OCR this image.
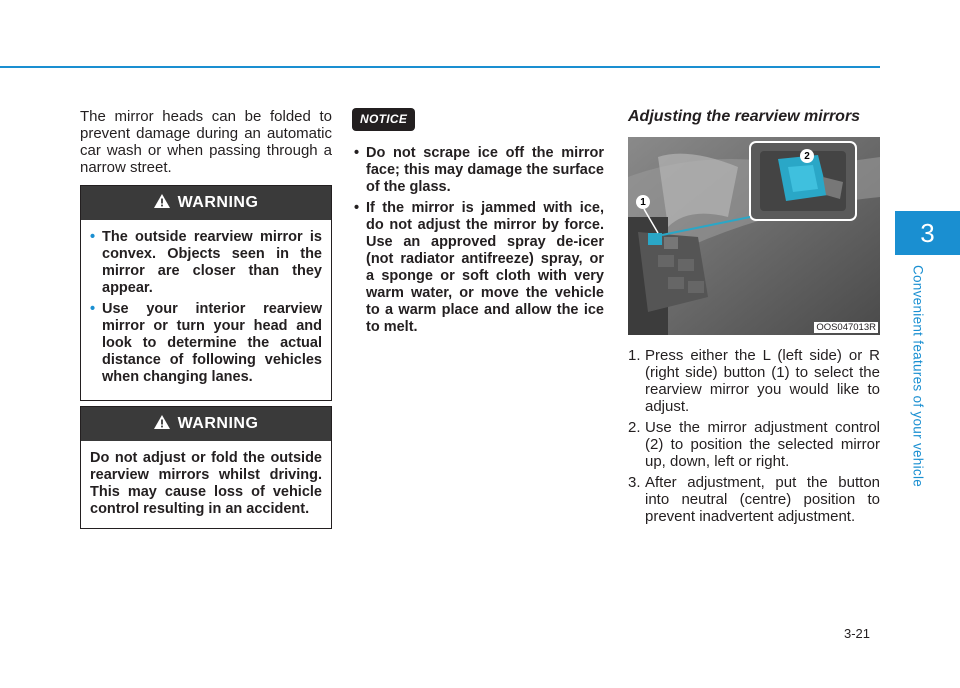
The mirror heads can be folded to prevent damage during an automatic car wash or when passing through a narrow street.

WARNING
• The outside rearview mirror is convex. Objects seen in the mirror are closer than they appear.
• Use your interior rearview mirror or turn your head and look to determine the actual distance of following vehicles when changing lanes.
WARNING

Do not adjust or fold the outside rearview mirrors whilst driving. This may cause loss of vehicle control resulting in an accident.

NOTICE
• Do not scrape ice off the mirror face; this may damage the surface of the glass.
• If the mirror is jammed with ice, do not adjust the mirror by force. Use an approved spray de-icer (not radiator antifreeze) spray, or a sponge or soft cloth with very warm water, or move the vehicle to a warm place and allow the ice to melt.
Adjusting the rearview mirrors
1
2
OOS047013R
1. Press either the L (left side) or R (right side) button (1) to select the rearview mirror you would like to adjust.
2. Use the mirror adjustment control (2) to position the selected mirror up, down, left or right.
3. After adjustment, put the button into neutral (centre) position to prevent inadvertent adjustment.
3-21
3
Convenient features of your vehicle
